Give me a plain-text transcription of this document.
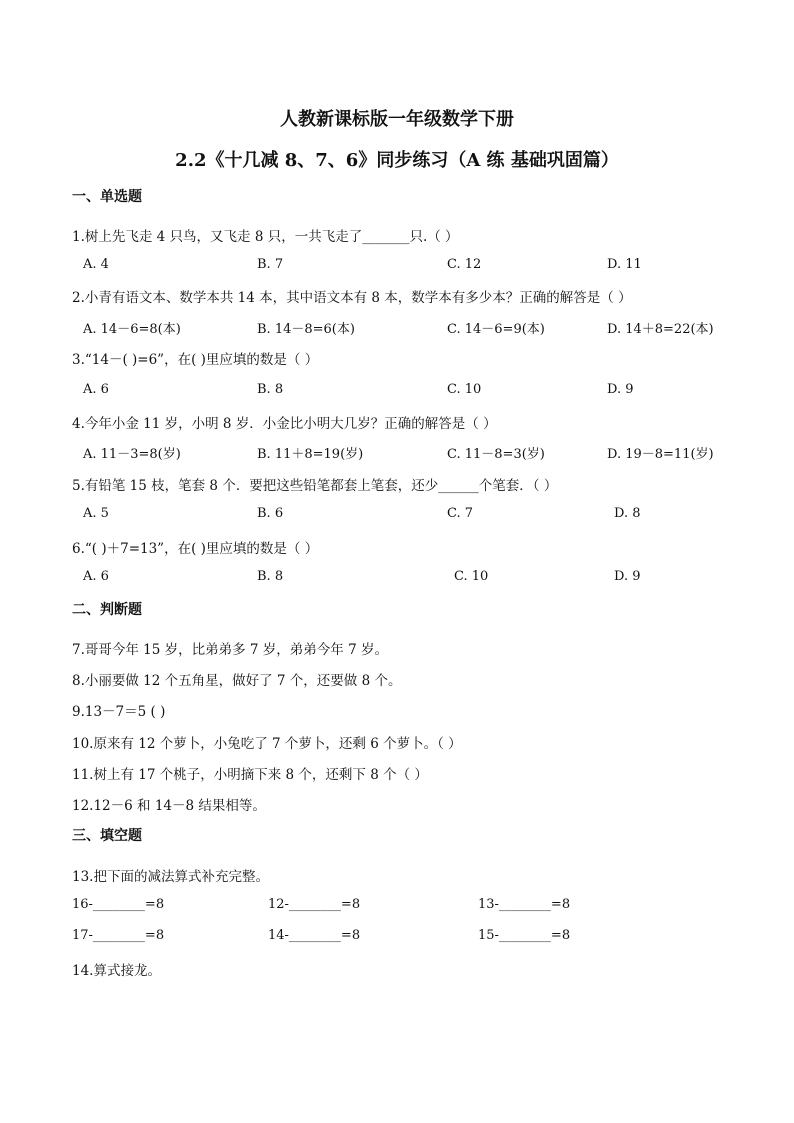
人教新课标版一年级数学下册
2.2《十几减 8、7、6》同步练习（A 练 基础巩固篇）
一、单选题
1.树上先飞走 4 只鸟，又飞走 8 只，一共飞走了_______只.（ ）
A. 4	B. 7	C. 12	D. 11
2.小青有语文本、数学本共 14 本，其中语文本有 8 本，数学本有多少本？正确的解答是（ ）
A. 14－6=8(本)	B. 14－8=6(本)	C. 14－6=9(本)	D. 14＋8=22(本)
3.“14－( )=6”，在( )里应填的数是（ ）
A. 6	B. 8	C. 10	D. 9
4.今年小金 11 岁，小明 8 岁．小金比小明大几岁？正确的解答是（ ）
A. 11－3=8(岁)	B. 11＋8=19(岁)	C. 11－8=3(岁)	D. 19－8=11(岁)
5.有铅笔 15 枝，笔套 8 个．要把这些铅笔都套上笔套，还少______个笔套．（ ）
A. 5	B. 6	C. 7	D. 8
6.“( )＋7=13”，在( )里应填的数是（ ）
A. 6	B. 8	C. 10	D. 9
二、判断题
7.哥哥今年 15 岁，比弟弟多 7 岁，弟弟今年 7 岁。
8.小丽要做 12 个五角星，做好了 7 个，还要做 8 个。
9.13－7＝5 ( )
10.原来有 12 个萝卜，小兔吃了 7 个萝卜，还剩 6 个萝卜。（ ）
11.树上有 17 个桃子，小明摘下来 8 个，还剩下 8 个（ ）
12.12－6 和 14－8 结果相等。
三、填空题
13.把下面的减法算式补充完整。
16-________=8	12-________=8	13-________=8
17-________=8	14-________=8	15-________=8
14.算式接龙。
